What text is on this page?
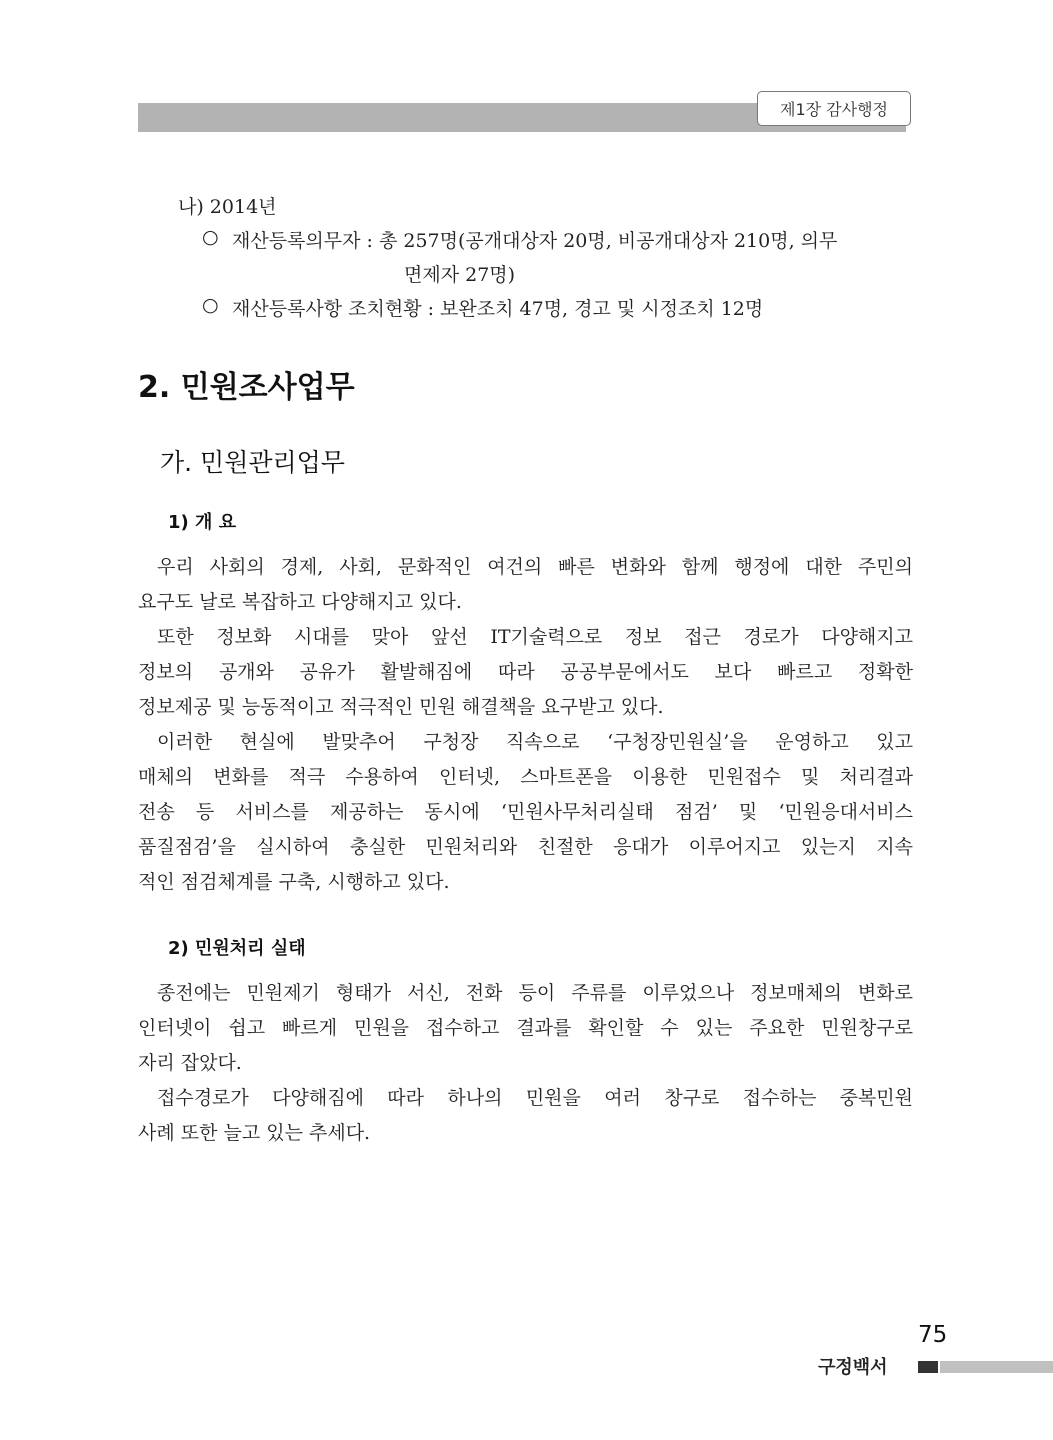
제1장 감사행정
나) 2014년
○ 재산등록의무자 : 총 257명(공개대상자 20명, 비공개대상자 210명, 의무
면제자 27명)
○ 재산등록사항 조치현황 : 보완조치 47명, 경고 및 시정조치 12명
2. 민원조사업무
가. 민원관리업무
1) 개 요

우리 사회의 경제, 사회, 문화적인 여건의 빠른 변화와 함께 행정에 대한 주민의

요구도 날로 복잡하고 다양해지고 있다.

또한 정보화 시대를 맞아 앞선 IT기술력으로 정보 접근 경로가 다양해지고

정보의 공개와 공유가 활발해짐에 따라 공공부문에서도 보다 빠르고 정확한

정보제공 및 능동적이고 적극적인 민원 해결책을 요구받고 있다.

이러한 현실에 발맞추어 구청장 직속으로 ‘구청장민원실’을 운영하고 있고

매체의 변화를 적극 수용하여 인터넷, 스마트폰을 이용한 민원접수 및 처리결과

전송 등 서비스를 제공하는 동시에 ‘민원사무처리실태 점검’ 및 ‘민원응대서비스

품질점검’을 실시하여 충실한 민원처리와 친절한 응대가 이루어지고 있는지 지속

적인 점검체계를 구축, 시행하고 있다.

2) 민원처리 실태

종전에는 민원제기 형태가 서신, 전화 등이 주류를 이루었으나 정보매체의 변화로

인터넷이 쉽고 빠르게 민원을 접수하고 결과를 확인할 수 있는 주요한 민원창구로

자리 잡았다.

접수경로가 다양해짐에 따라 하나의 민원을 여러 창구로 접수하는 중복민원

사례 또한 늘고 있는 추세다.

75
구정백서
